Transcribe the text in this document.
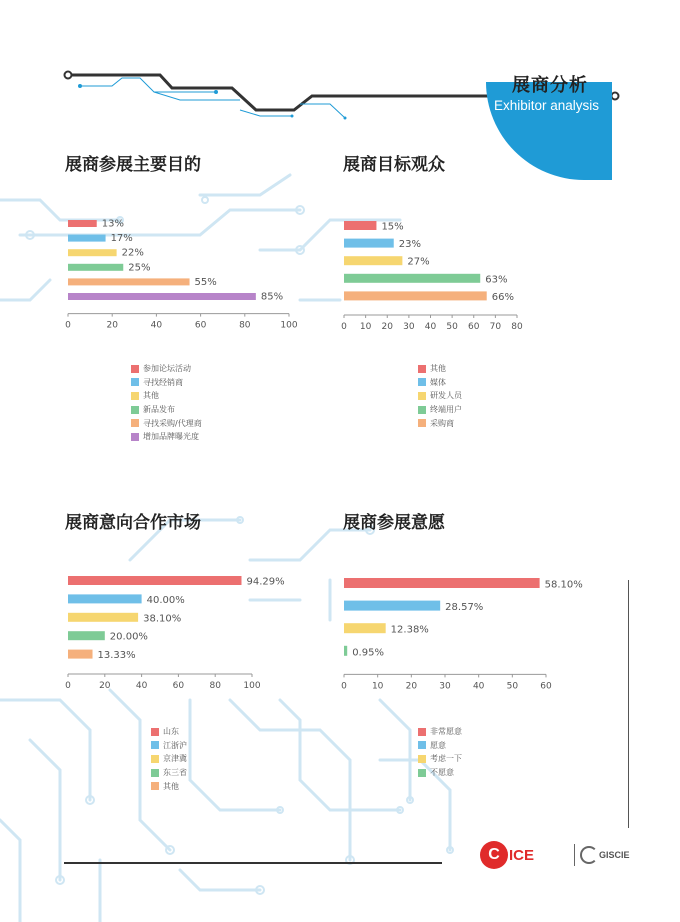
展商分析
Exhibitor analysis
展商参展主要目的	展商目标观众
展商意向合作市场	展商参展意愿
13%
17%
22%
25%
55%
85%
0	20	40	60	80	100
15%
23%
27%
63%
66%
0 10 20 30 40 50 60 70 80
94.29%
40.00%
38.10%
20.00%
13.33%
0	20	40	60	80 100
58.10%
28.57%
12.38%
0.95%
0	10 20 30 40 50 60
参加论坛活动
寻找经销商
其他
新品发布
寻找采购/代理商
增加品牌曝光度
其他
媒体
研发人员
终端用户
采购商
山东
江浙沪
京津冀
东三省
其他
非常愿意
愿意
考虑一下
不愿意
C ICE	GISCIE
